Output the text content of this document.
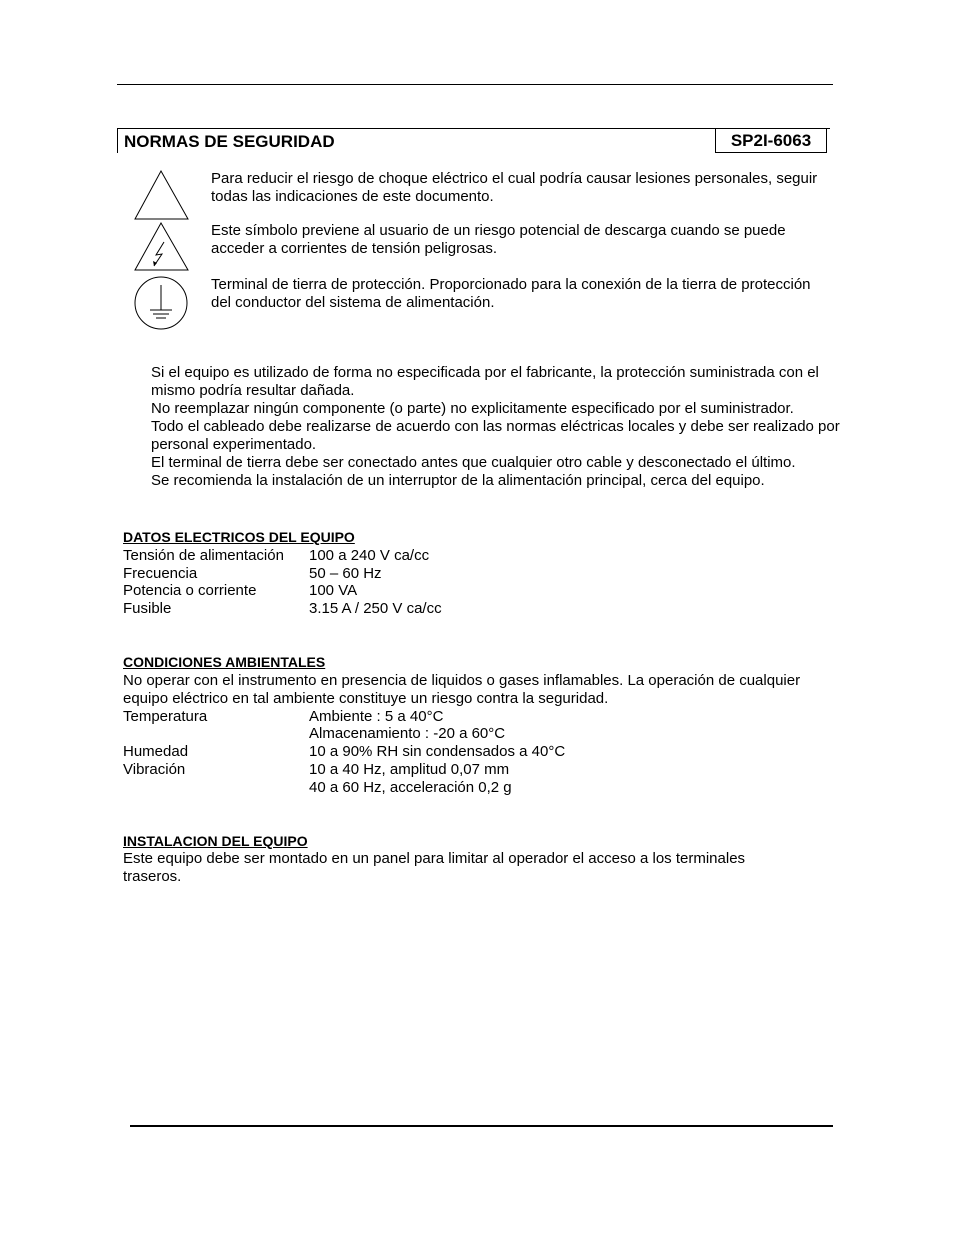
NORMAS DE SEGURIDAD	SP2I-6063
Para reducir el riesgo de choque eléctrico el cual podría causar lesiones personales, seguir todas las indicaciones de este documento.
Este símbolo previene al usuario de un riesgo potencial de descarga cuando se puede acceder a corrientes de tensión peligrosas.
Terminal de tierra de protección. Proporcionado para la conexión de la tierra de protección del conductor del sistema de alimentación.
Si el equipo es utilizado de forma no especificada por el fabricante, la protección suministrada con el mismo podría resultar dañada.
No reemplazar ningún componente (o parte) no explicitamente especificado por el suministrador.
Todo el cableado debe realizarse de acuerdo con las normas eléctricas locales y debe ser realizado por personal experimentado.
El terminal de tierra debe ser conectado antes que cualquier otro cable y desconectado el último.
Se recomienda la instalación de un interruptor de la alimentación principal, cerca del equipo.
DATOS ELECTRICOS DEL EQUIPO
Tensión de alimentación 100 a 240 V ca/cc
Frecuencia	50 – 60 Hz
Potencia o corriente	100 VA
Fusible	3.15 A / 250 V ca/cc
CONDICIONES AMBIENTALES
No operar con el instrumento en presencia de liquidos o gases inflamables. La operación de cualquier equipo eléctrico en tal ambiente constituye un riesgo contra la seguridad.
Temperatura	Ambiente : 5 a 40°C
Almacenamiento : -20 a 60°C
Humedad	10 a 90% RH sin condensados a 40°C
Vibración	10 a 40 Hz, amplitud 0,07 mm
40 a 60 Hz, acceleración 0,2 g
INSTALACION DEL EQUIPO
Este equipo debe ser montado en un panel para limitar al operador el acceso a los terminales traseros.
